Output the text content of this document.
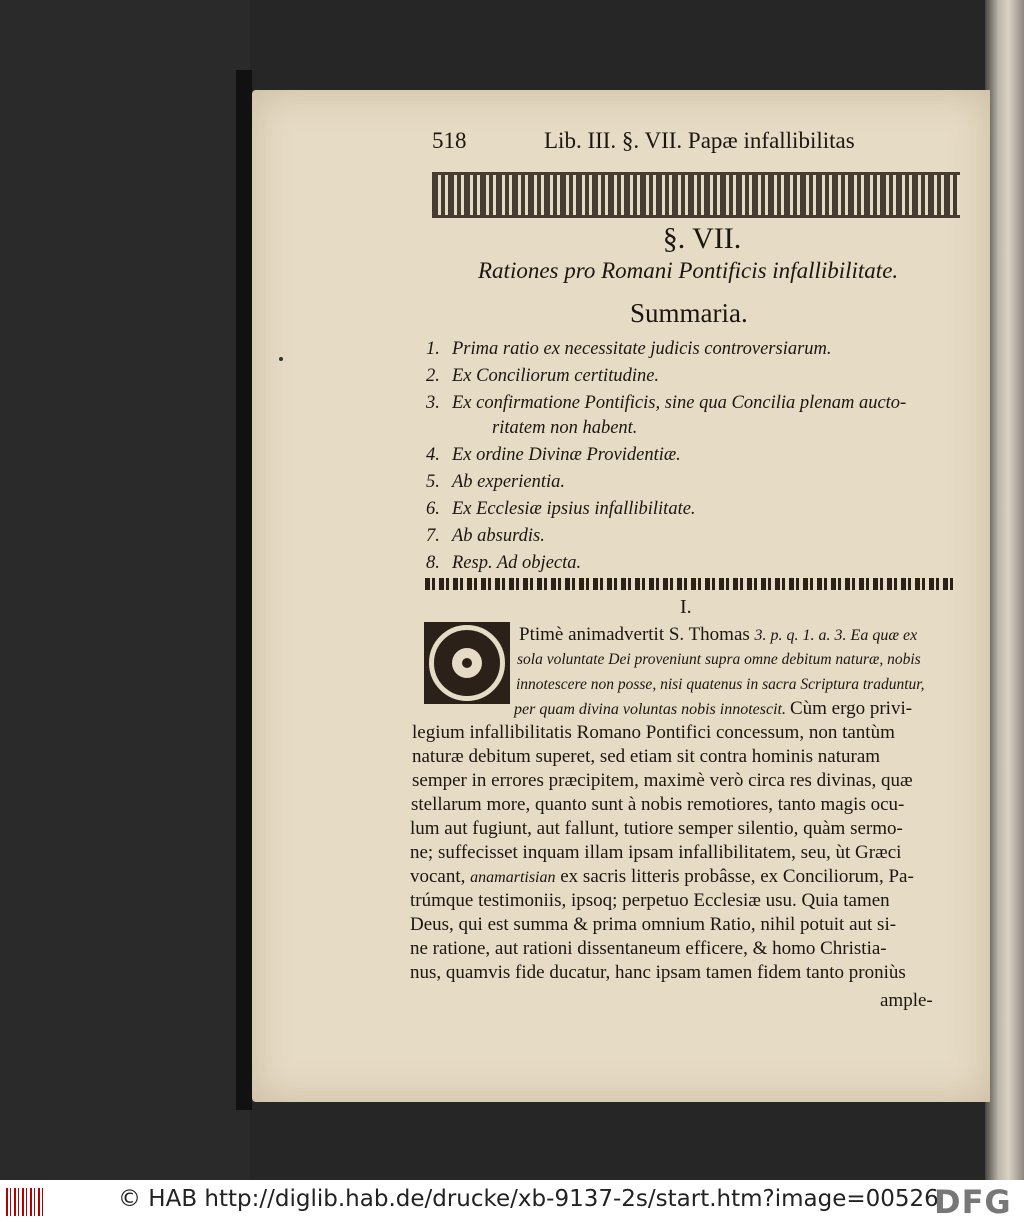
518	Lib. III. §. VII. Papæ infallibilitas
§. VII.
Rationes pro Romani Pontificis infallibilitate.
Summaria.
1. Prima ratio ex necessitate judicis controversiarum.
2. Ex Conciliorum certitudine.
3. Ex confirmatione Pontificis, sine qua Concilia plenam aucto-
ritatem non habent.
4. Ex ordine Divinæ Providentiæ.
5. Ab experientia.
6. Ex Ecclesiæ ipsius infallibilitate.
7. Ab absurdis.
8. Resp. Ad objecta.
I.
Ptimè animadvertit S. Thomas 3. p. q. 1. a. 3. Ea quæ ex
sola voluntate Dei proveniunt supra omne debitum naturæ, nobis
innotescere non posse, nisi quatenus in sacra Scriptura traduntur,
per quam divina voluntas nobis innotescit. Cùm ergo privi-
legium infallibilitatis Romano Pontifici concessum, non tantùm
naturæ debitum superet, sed etiam sit contra hominis naturam
semper in errores præcipitem, maximè verò circa res divinas, quæ
stellarum more, quanto sunt à nobis remotiores, tanto magis ocu-
lum aut fugiunt, aut fallunt, tutiore semper silentio, quàm sermo-
ne; suffecisset inquam illam ipsam infallibilitatem, seu, ùt Græci
vocant, anamartisian ex sacris litteris probâsse, ex Conciliorum, Pa-
trúmque testimoniis, ipsoq; perpetuo Ecclesiæ usu. Quia tamen
Deus, qui est summa & prima omnium Ratio, nihil potuit aut si-
ne ratione, aut rationi dissentaneum efficere, & homo Christia-
nus, quamvis fide ducatur, hanc ipsam tamen fidem tanto proniùs
ample-
© HAB http://diglib.hab.de/drucke/xb-9137-2s/start.htm?image=00526
DFG
